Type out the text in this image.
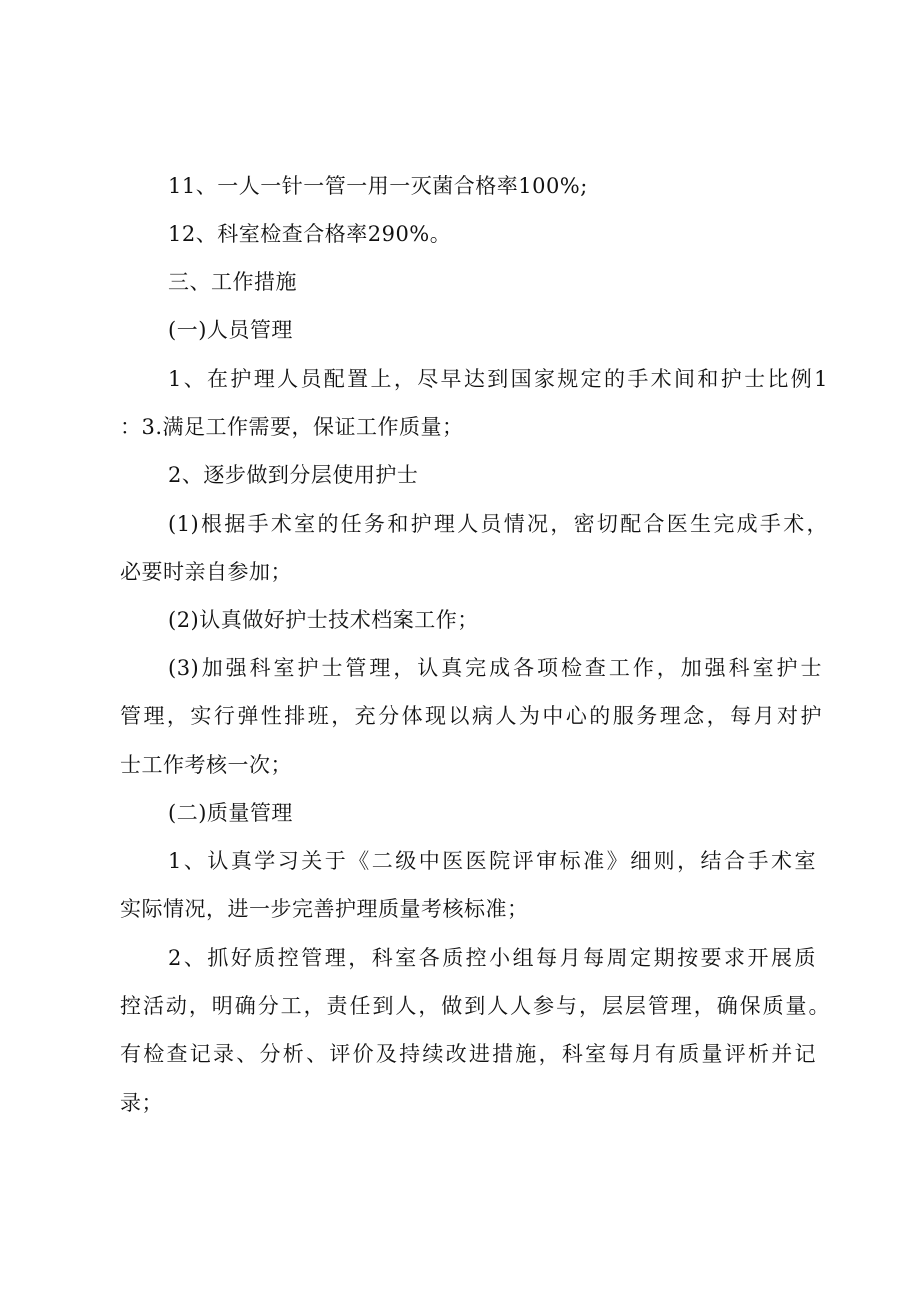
11、一人一针一管一用一灭菌合格率100%;
12、科室检查合格率290%。
三、工作措施
(一)人员管理
1、在护理人员配置上，尽早达到国家规定的手术间和护士比例1
：3.满足工作需要，保证工作质量；
2、逐步做到分层使用护士
(1)根据手术室的任务和护理人员情况，密切配合医生完成手术，
必要时亲自参加；
(2)认真做好护士技术档案工作；
(3)加强科室护士管理，认真完成各项检查工作，加强科室护士
管理，实行弹性排班，充分体现以病人为中心的服务理念，每月对护
士工作考核一次；
(二)质量管理
1、认真学习关于《二级中医医院评审标准》细则，结合手术室
实际情况，进一步完善护理质量考核标准；
2、抓好质控管理，科室各质控小组每月每周定期按要求开展质
控活动，明确分工，责任到人，做到人人参与，层层管理，确保质量。
有检查记录、分析、评价及持续改进措施，科室每月有质量评析并记
录；
